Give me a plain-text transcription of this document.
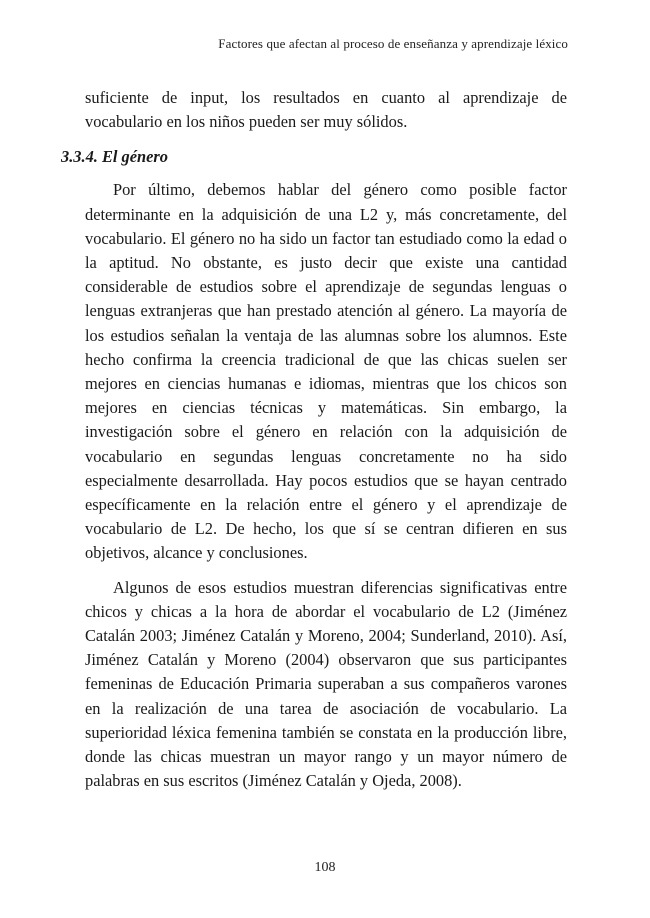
Factores que afectan al proceso de enseñanza y aprendizaje léxico

suficiente de input, los resultados en cuanto al aprendizaje de vocabulario en los niños pueden ser muy sólidos.

3.3.4. El género

Por último, debemos hablar del género como posible factor determinante en la adquisición de una L2 y, más concretamente, del vocabulario. El género no ha sido un factor tan estudiado como la edad o la aptitud. No obstante, es justo decir que existe una cantidad considerable de estudios sobre el aprendizaje de segundas lenguas o lenguas extranjeras que han prestado atención al género. La mayoría de los estudios señalan la ventaja de las alumnas sobre los alumnos. Este hecho confirma la creencia tradicional de que las chicas suelen ser mejores en ciencias humanas e idiomas, mientras que los chicos son mejores en ciencias técnicas y matemáticas. Sin embargo, la investigación sobre el género en relación con la adquisición de vocabulario en segundas lenguas concretamente no ha sido especialmente desarrollada. Hay pocos estudios que se hayan centrado específicamente en la relación entre el género y el aprendizaje de vocabulario de L2. De hecho, los que sí se centran difieren en sus objetivos, alcance y conclusiones.

Algunos de esos estudios muestran diferencias significativas entre chicos y chicas a la hora de abordar el vocabulario de L2 (Jiménez Catalán 2003; Jiménez Catalán y Moreno, 2004; Sunderland, 2010). Así, Jiménez Catalán y Moreno (2004) observaron que sus participantes femeninas de Educación Primaria superaban a sus compañeros varones en la realización de una tarea de asociación de vocabulario. La superioridad léxica femenina también se constata en la producción libre, donde las chicas muestran un mayor rango y un mayor número de palabras en sus escritos (Jiménez Catalán y Ojeda, 2008).

108
